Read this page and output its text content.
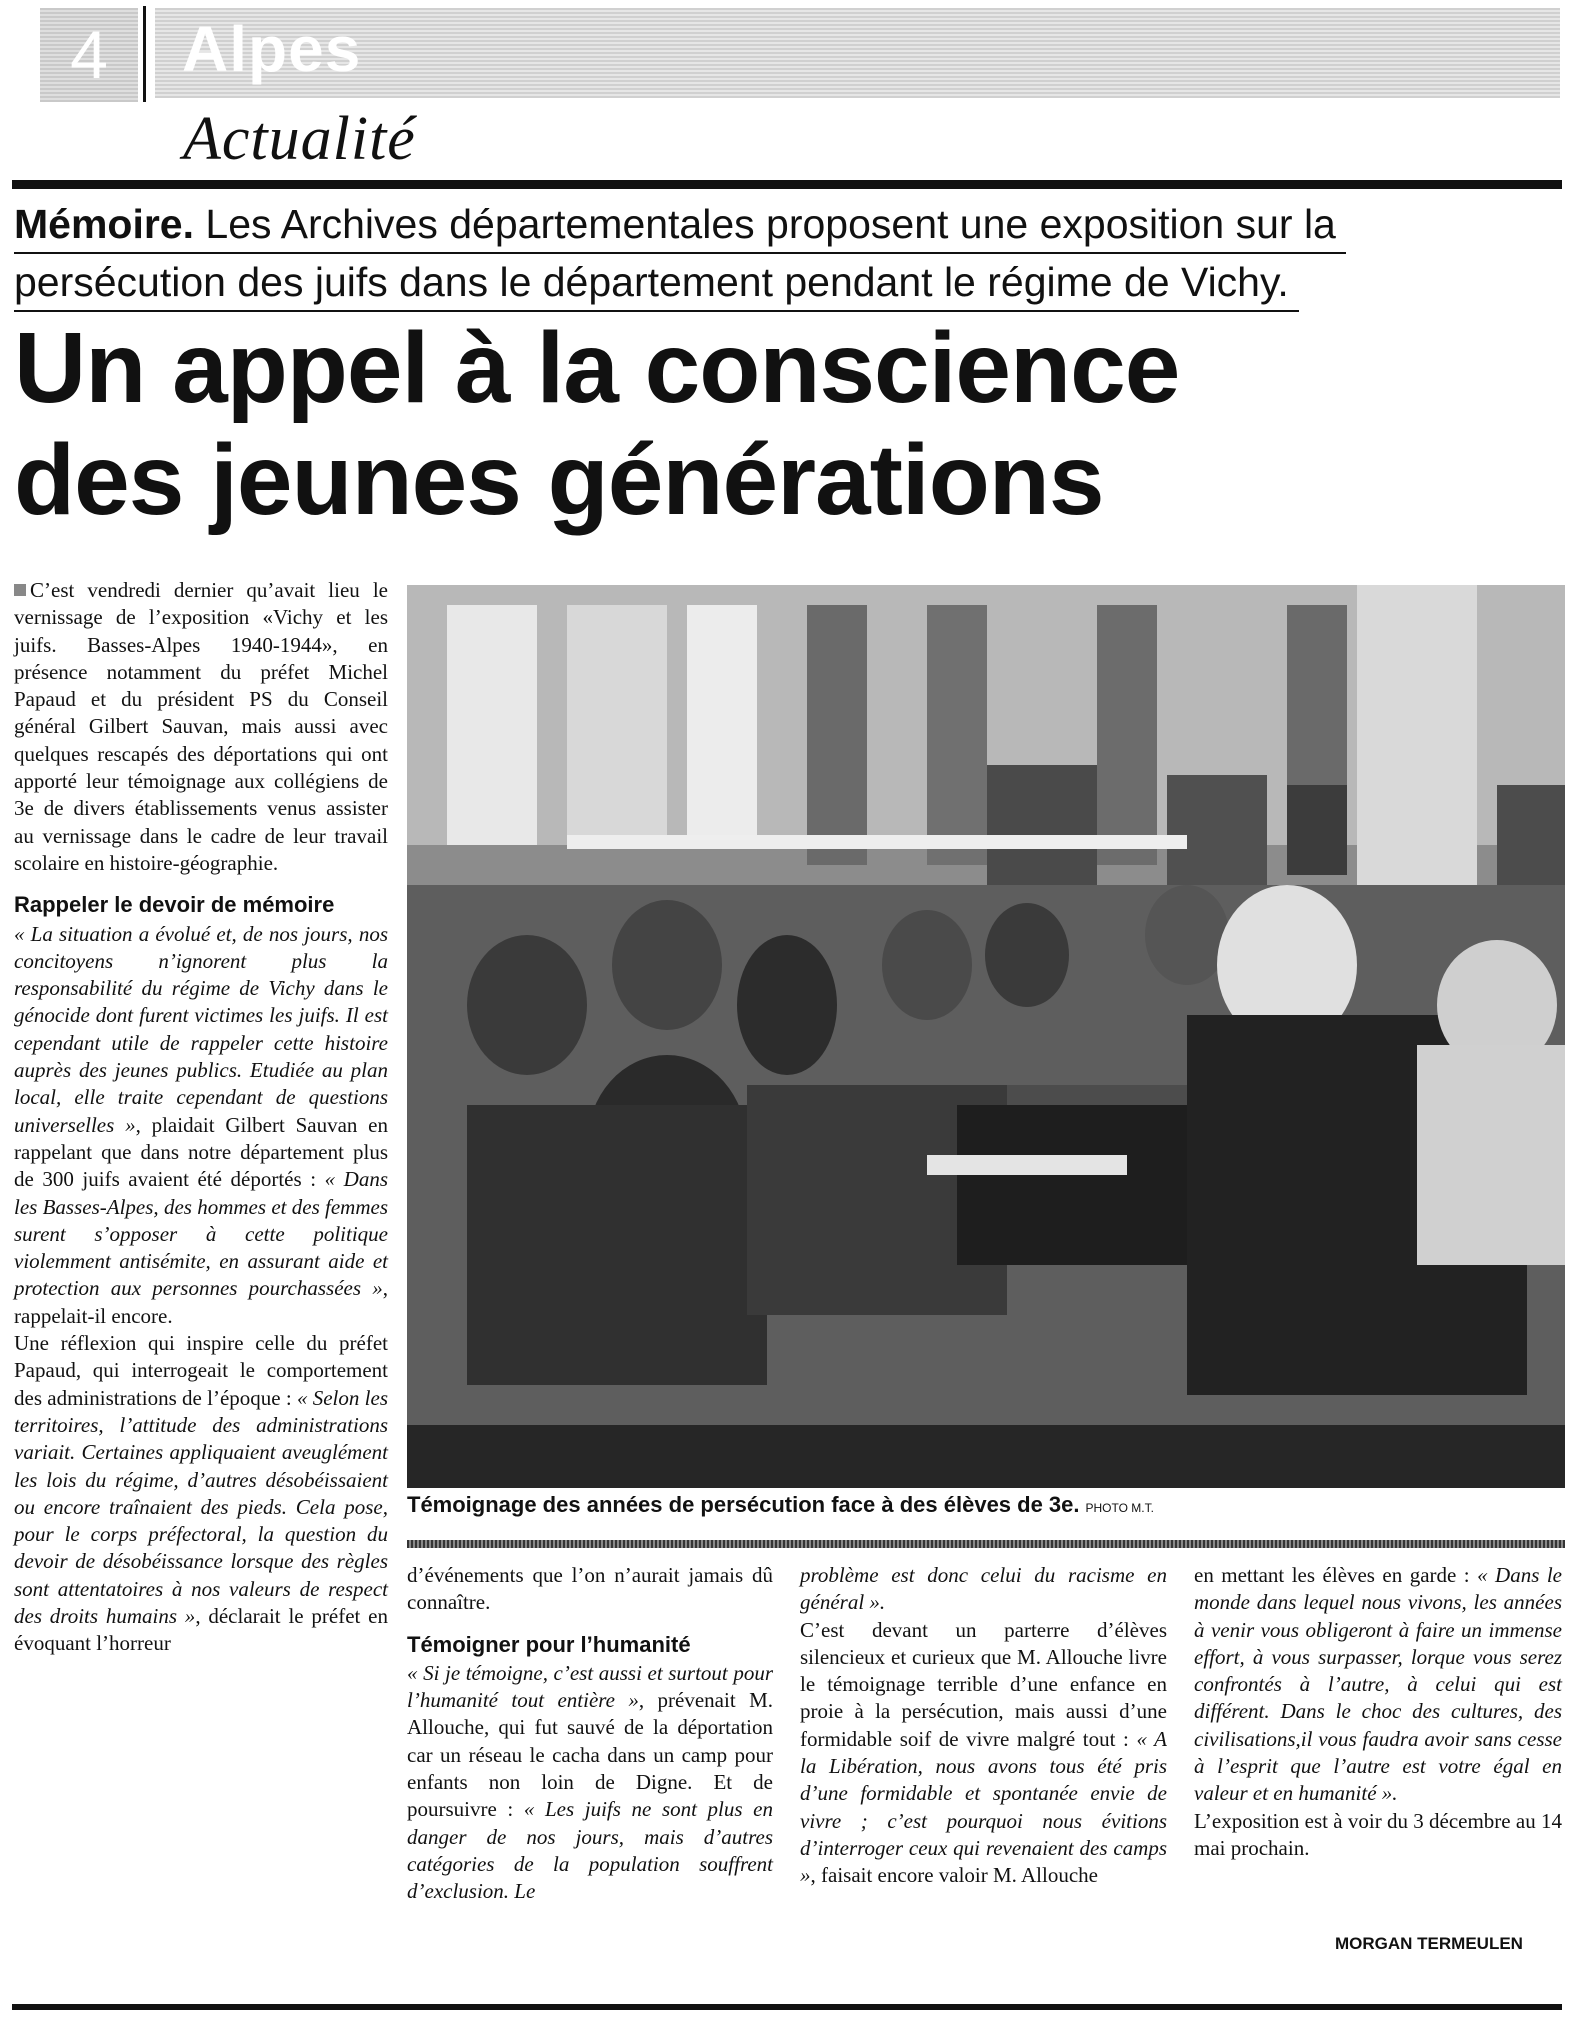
4	Alpes
Actualité
Mémoire. Les Archives départementales proposent une exposition sur la
persécution des juifs dans le département pendant le régime de Vichy.
Un appel à la conscience
des jeunes générations

C’est vendredi dernier qu’avait lieu le vernissage de l’exposition «Vichy et les juifs. Basses-Alpes 1940-1944», en présence notamment du préfet Michel Papaud et du président PS du Conseil général Gilbert Sauvan, mais aussi avec quelques rescapés des déportations qui ont apporté leur témoignage aux collégiens de 3e de divers établissements venus assister au vernissage dans le cadre de leur travail scolaire en histoire-géographie.

Rappeler le devoir de mémoire

« La situation a évolué et, de nos jours, nos concitoyens n’ignorent plus la responsabilité du régime de Vichy dans le génocide dont furent victimes les juifs. Il est cependant utile de rappeler cette histoire auprès des jeunes publics. Etudiée au plan local, elle traite cependant de questions universelles », plaidait Gilbert Sauvan en rappelant que dans notre département plus de 300 juifs avaient été déportés : « Dans les Basses-Alpes, des hommes et des femmes surent s’opposer à cette politique violemment antisémite, en assurant aide et protection aux personnes pourchassées », rappelait-il encore.

Une réflexion qui inspire celle du préfet Papaud, qui interrogeait le comportement des administrations de l’époque : « Selon les territoires, l’attitude des administrations variait. Certaines appliquaient aveuglément les lois du régime, d’autres désobéissaient ou encore traînaient des pieds. Cela pose, pour le corps préfectoral, la question du devoir de désobéissance lorsque des règles sont attentatoires à nos valeurs de respect des droits humains », déclarait le préfet en évoquant l’horreur

Témoignage des années de persécution face à des élèves de 3e. PHOTO M.T.

d’événements que l’on n’aurait jamais dû connaître.

Témoigner pour l’humanité

« Si je témoigne, c’est aussi et surtout pour l’humanité tout entière », prévenait M. Allouche, qui fut sauvé de la déportation car un réseau le cacha dans un camp pour enfants non loin de Digne. Et de poursuivre : « Les juifs ne sont plus en danger de nos jours, mais d’autres catégories de la population souffrent d’exclusion. Le

problème est donc celui du racisme en général ».

C’est devant un parterre d’élèves silencieux et curieux que M. Allouche livre le témoignage terrible d’une enfance en proie à la persécution, mais aussi d’une formidable soif de vivre malgré tout : « A la Libération, nous avons tous été pris d’une formidable et spontanée envie de vivre ; c’est pourquoi nous évitions d’interroger ceux qui revenaient des camps », faisait encore valoir M. Allouche

en mettant les élèves en garde : « Dans le monde dans lequel nous vivons, les années à venir vous obligeront à faire un immense effort, à vous surpasser, lorque vous serez confrontés à l’autre, à celui qui est différent. Dans le choc des cultures, des civilisations,il vous faudra avoir sans cesse à l’esprit que l’autre est votre égal en valeur et en humanité ».

L’exposition est à voir du 3 décembre au 14 mai prochain.

MORGAN TERMEULEN
